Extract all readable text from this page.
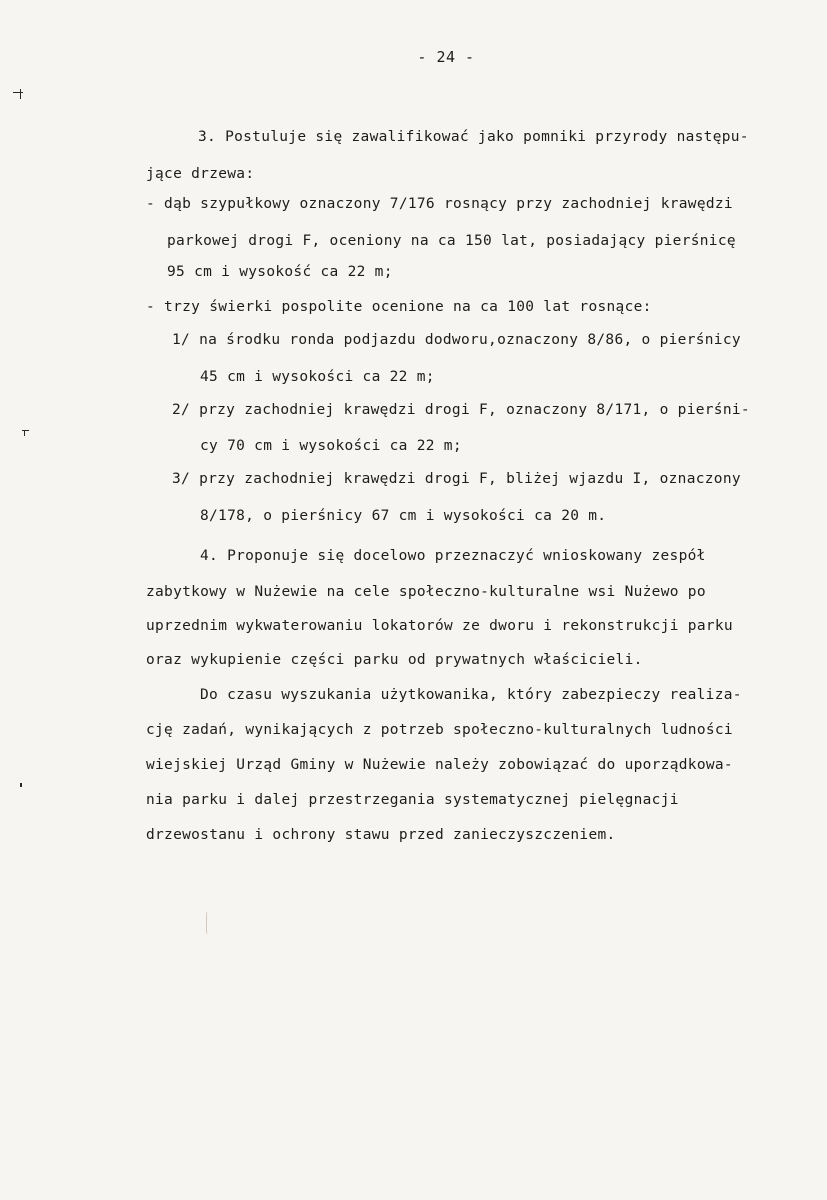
- 24 -
3. Postuluje się zawalifikować jako pomniki przyrody następu-
jące drzewa:
- dąb szypułkowy oznaczony 7/176 rosnący przy zachodniej krawędzi
parkowej drogi F, oceniony na ca 150 lat, posiadający pierśnicę
95 cm i wysokość ca 22 m;
- trzy świerki pospolite ocenione na ca 100 lat rosnące:
1/ na środku ronda podjazdu dodworu,oznaczony 8/86, o pierśnicy
45 cm i wysokości ca 22 m;
2/ przy zachodniej krawędzi drogi F, oznaczony 8/171, o pierśni-
cy 70 cm i wysokości ca 22 m;
3/ przy zachodniej krawędzi drogi F, bliżej wjazdu I, oznaczony
8/178, o pierśnicy 67 cm i wysokości ca 20 m.
4. Proponuje się docelowo przeznaczyć wnioskowany zespół
zabytkowy w Nużewie na cele społeczno-kulturalne wsi Nużewo po
uprzednim wykwaterowaniu lokatorów ze dworu i rekonstrukcji parku
oraz wykupienie części parku od prywatnych właścicieli.
Do czasu wyszukania użytkowanika, który zabezpieczy realiza-
cję zadań, wynikających z potrzeb społeczno-kulturalnych ludności
wiejskiej Urząd Gminy w Nużewie należy zobowiązać do uporządkowa-
nia parku i dalej przestrzegania systematycznej pielęgnacji
drzewostanu i ochrony stawu przed zanieczyszczeniem.
